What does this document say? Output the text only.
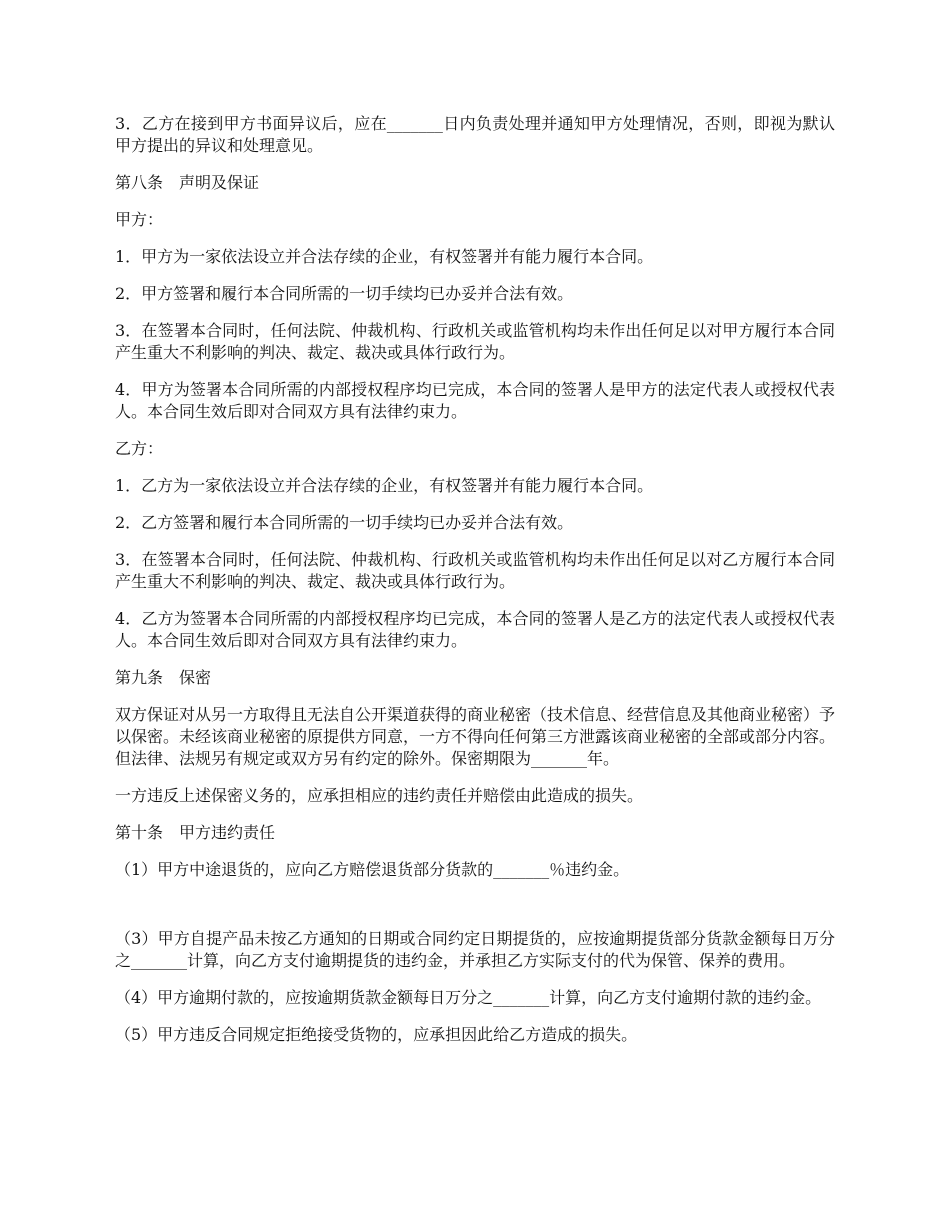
3．乙方在接到甲方书面异议后，应在_______日内负责处理并通知甲方处理情况，否则，即视为默认甲方提出的异议和处理意见。

第八条　声明及保证

甲方：

1．甲方为一家依法设立并合法存续的企业，有权签署并有能力履行本合同。

2．甲方签署和履行本合同所需的一切手续均已办妥并合法有效。

3．在签署本合同时，任何法院、仲裁机构、行政机关或监管机构均未作出任何足以对甲方履行本合同产生重大不利影响的判决、裁定、裁决或具体行政行为。

4．甲方为签署本合同所需的内部授权程序均已完成，本合同的签署人是甲方的法定代表人或授权代表人。本合同生效后即对合同双方具有法律约束力。

乙方：

1．乙方为一家依法设立并合法存续的企业，有权签署并有能力履行本合同。

2．乙方签署和履行本合同所需的一切手续均已办妥并合法有效。

3．在签署本合同时，任何法院、仲裁机构、行政机关或监管机构均未作出任何足以对乙方履行本合同产生重大不利影响的判决、裁定、裁决或具体行政行为。

4．乙方为签署本合同所需的内部授权程序均已完成，本合同的签署人是乙方的法定代表人或授权代表人。本合同生效后即对合同双方具有法律约束力。

第九条　保密

双方保证对从另一方取得且无法自公开渠道获得的商业秘密（技术信息、经营信息及其他商业秘密）予以保密。未经该商业秘密的原提供方同意，一方不得向任何第三方泄露该商业秘密的全部或部分内容。但法律、法规另有规定或双方另有约定的除外。保密期限为_______年。

一方违反上述保密义务的，应承担相应的违约责任并赔偿由此造成的损失。

第十条　甲方违约责任

（1）甲方中途退货的，应向乙方赔偿退货部分货款的_______％违约金。

（3）甲方自提产品未按乙方通知的日期或合同约定日期提货的，应按逾期提货部分货款金额每日万分之_______计算，向乙方支付逾期提货的违约金，并承担乙方实际支付的代为保管、保养的费用。

（4）甲方逾期付款的，应按逾期货款金额每日万分之_______计算，向乙方支付逾期付款的违约金。

（5）甲方违反合同规定拒绝接受货物的，应承担因此给乙方造成的损失。
